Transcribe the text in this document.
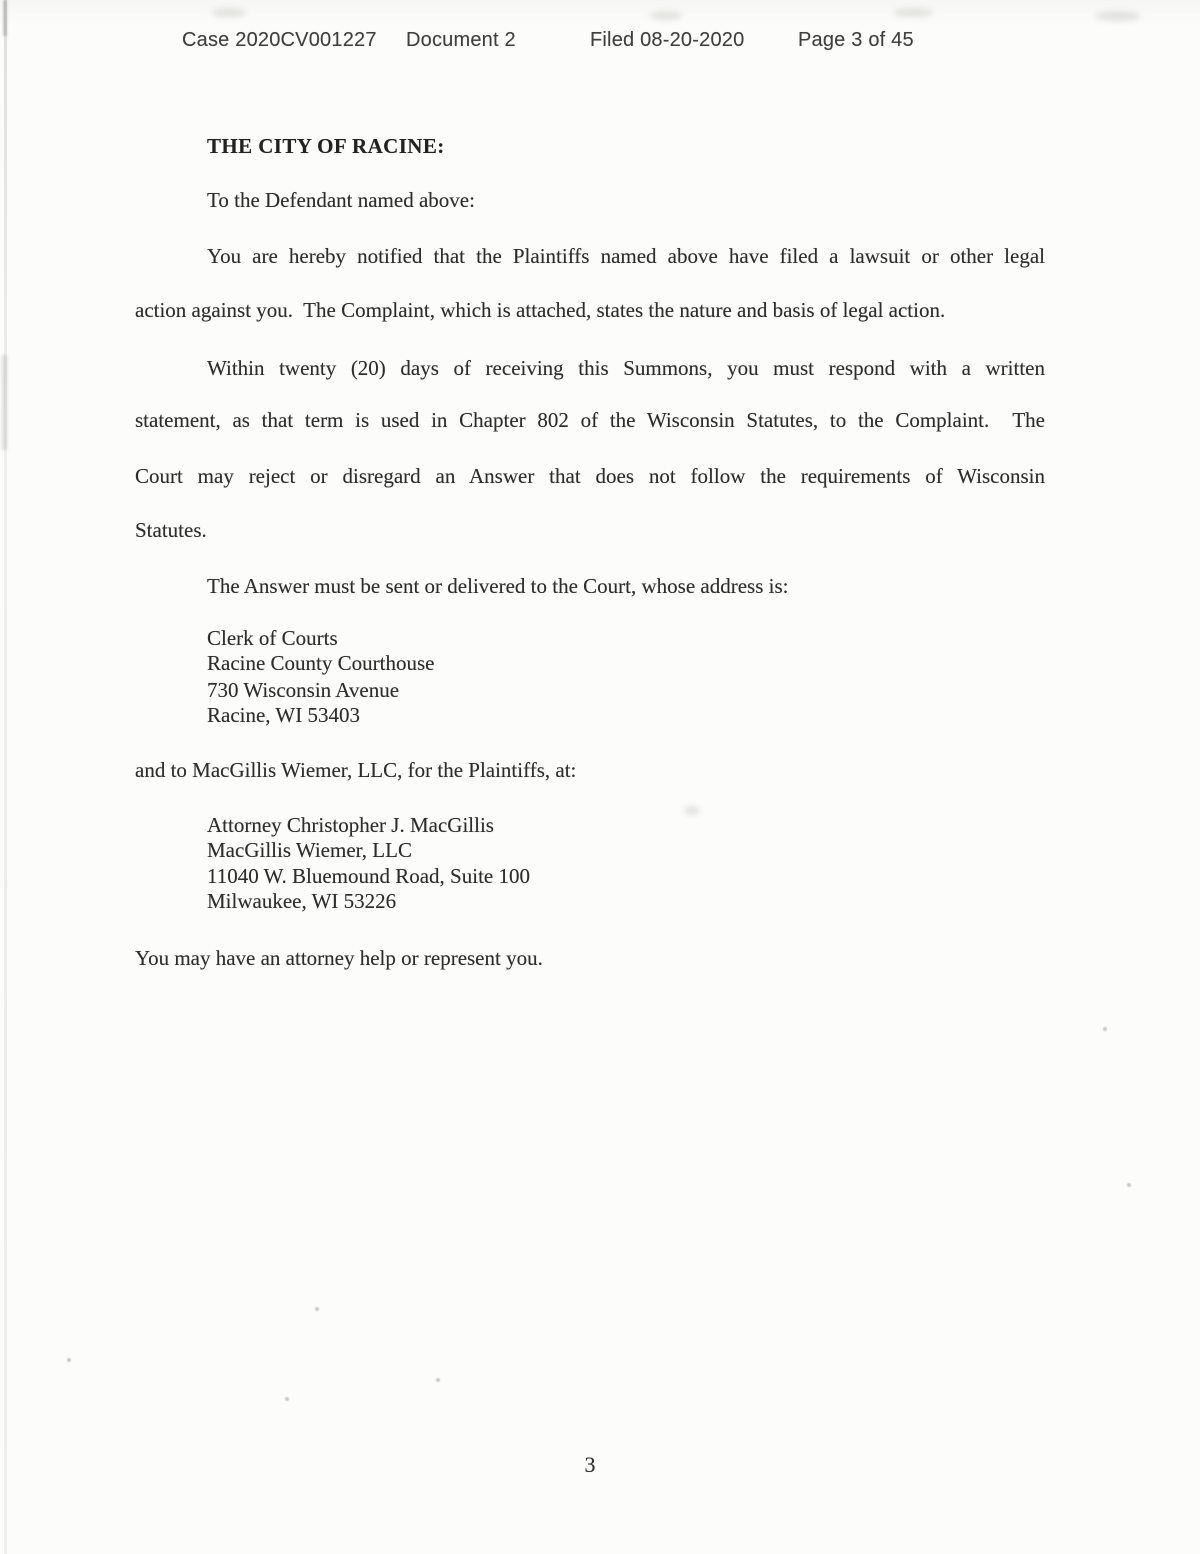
Case 2020CV001227 Document 2	Filed 08-20-2020	Page 3 of 45
THE CITY OF RACINE:
To the Defendant named above:
You are hereby notified that the Plaintiffs named above have filed a lawsuit or other legal
action against you.  The Complaint, which is attached, states the nature and basis of legal action.
Within twenty (20) days of receiving this Summons, you must respond with a written
statement, as that term is used in Chapter 802 of the Wisconsin Statutes, to the Complaint.  The
Court may reject or disregard an Answer that does not follow the requirements of Wisconsin
Statutes.
The Answer must be sent or delivered to the Court, whose address is:
Clerk of Courts
Racine County Courthouse
730 Wisconsin Avenue
Racine, WI 53403
and to MacGillis Wiemer, LLC, for the Plaintiffs, at:
Attorney Christopher J. MacGillis
MacGillis Wiemer, LLC
11040 W. Bluemound Road, Suite 100
Milwaukee, WI 53226
You may have an attorney help or represent you.
3
